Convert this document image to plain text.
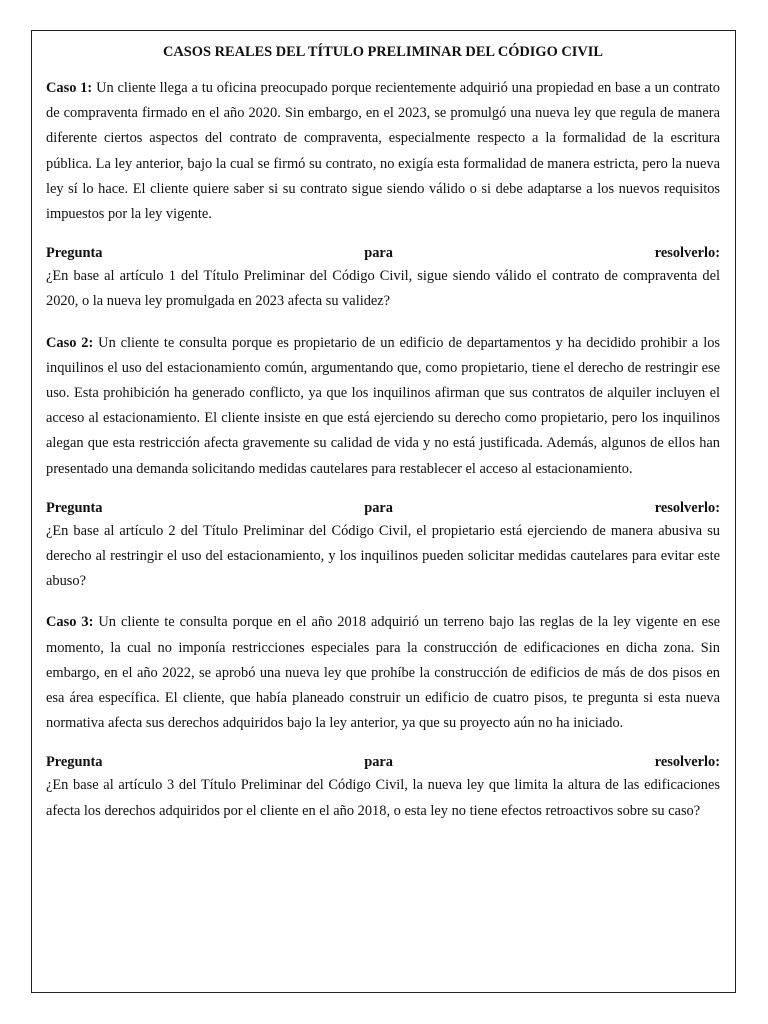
CASOS REALES DEL TÍTULO PRELIMINAR DEL CÓDIGO CIVIL

Caso 1: Un cliente llega a tu oficina preocupado porque recientemente adquirió una propiedad en base a un contrato de compraventa firmado en el año 2020. Sin embargo, en el 2023, se promulgó una nueva ley que regula de manera diferente ciertos aspectos del contrato de compraventa, especialmente respecto a la formalidad de la escritura pública. La ley anterior, bajo la cual se firmó su contrato, no exigía esta formalidad de manera estricta, pero la nueva ley sí lo hace. El cliente quiere saber si su contrato sigue siendo válido o si debe adaptarse a los nuevos requisitos impuestos por la ley vigente.

Pregunta	para	resolverlo:

¿En base al artículo 1 del Título Preliminar del Código Civil, sigue siendo válido el contrato de compraventa del 2020, o la nueva ley promulgada en 2023 afecta su validez?

Caso 2: Un cliente te consulta porque es propietario de un edificio de departamentos y ha decidido prohibir a los inquilinos el uso del estacionamiento común, argumentando que, como propietario, tiene el derecho de restringir ese uso. Esta prohibición ha generado conflicto, ya que los inquilinos afirman que sus contratos de alquiler incluyen el acceso al estacionamiento. El cliente insiste en que está ejerciendo su derecho como propietario, pero los inquilinos alegan que esta restricción afecta gravemente su calidad de vida y no está justificada. Además, algunos de ellos han presentado una demanda solicitando medidas cautelares para restablecer el acceso al estacionamiento.

Pregunta	para	resolverlo:

¿En base al artículo 2 del Título Preliminar del Código Civil, el propietario está ejerciendo de manera abusiva su derecho al restringir el uso del estacionamiento, y los inquilinos pueden solicitar medidas cautelares para evitar este abuso?

Caso 3: Un cliente te consulta porque en el año 2018 adquirió un terreno bajo las reglas de la ley vigente en ese momento, la cual no imponía restricciones especiales para la construcción de edificaciones en dicha zona. Sin embargo, en el año 2022, se aprobó una nueva ley que prohíbe la construcción de edificios de más de dos pisos en esa área específica. El cliente, que había planeado construir un edificio de cuatro pisos, te pregunta si esta nueva normativa afecta sus derechos adquiridos bajo la ley anterior, ya que su proyecto aún no ha iniciado.

Pregunta	para	resolverlo:

¿En base al artículo 3 del Título Preliminar del Código Civil, la nueva ley que limita la altura de las edificaciones afecta los derechos adquiridos por el cliente en el año 2018, o esta ley no tiene efectos retroactivos sobre su caso?
